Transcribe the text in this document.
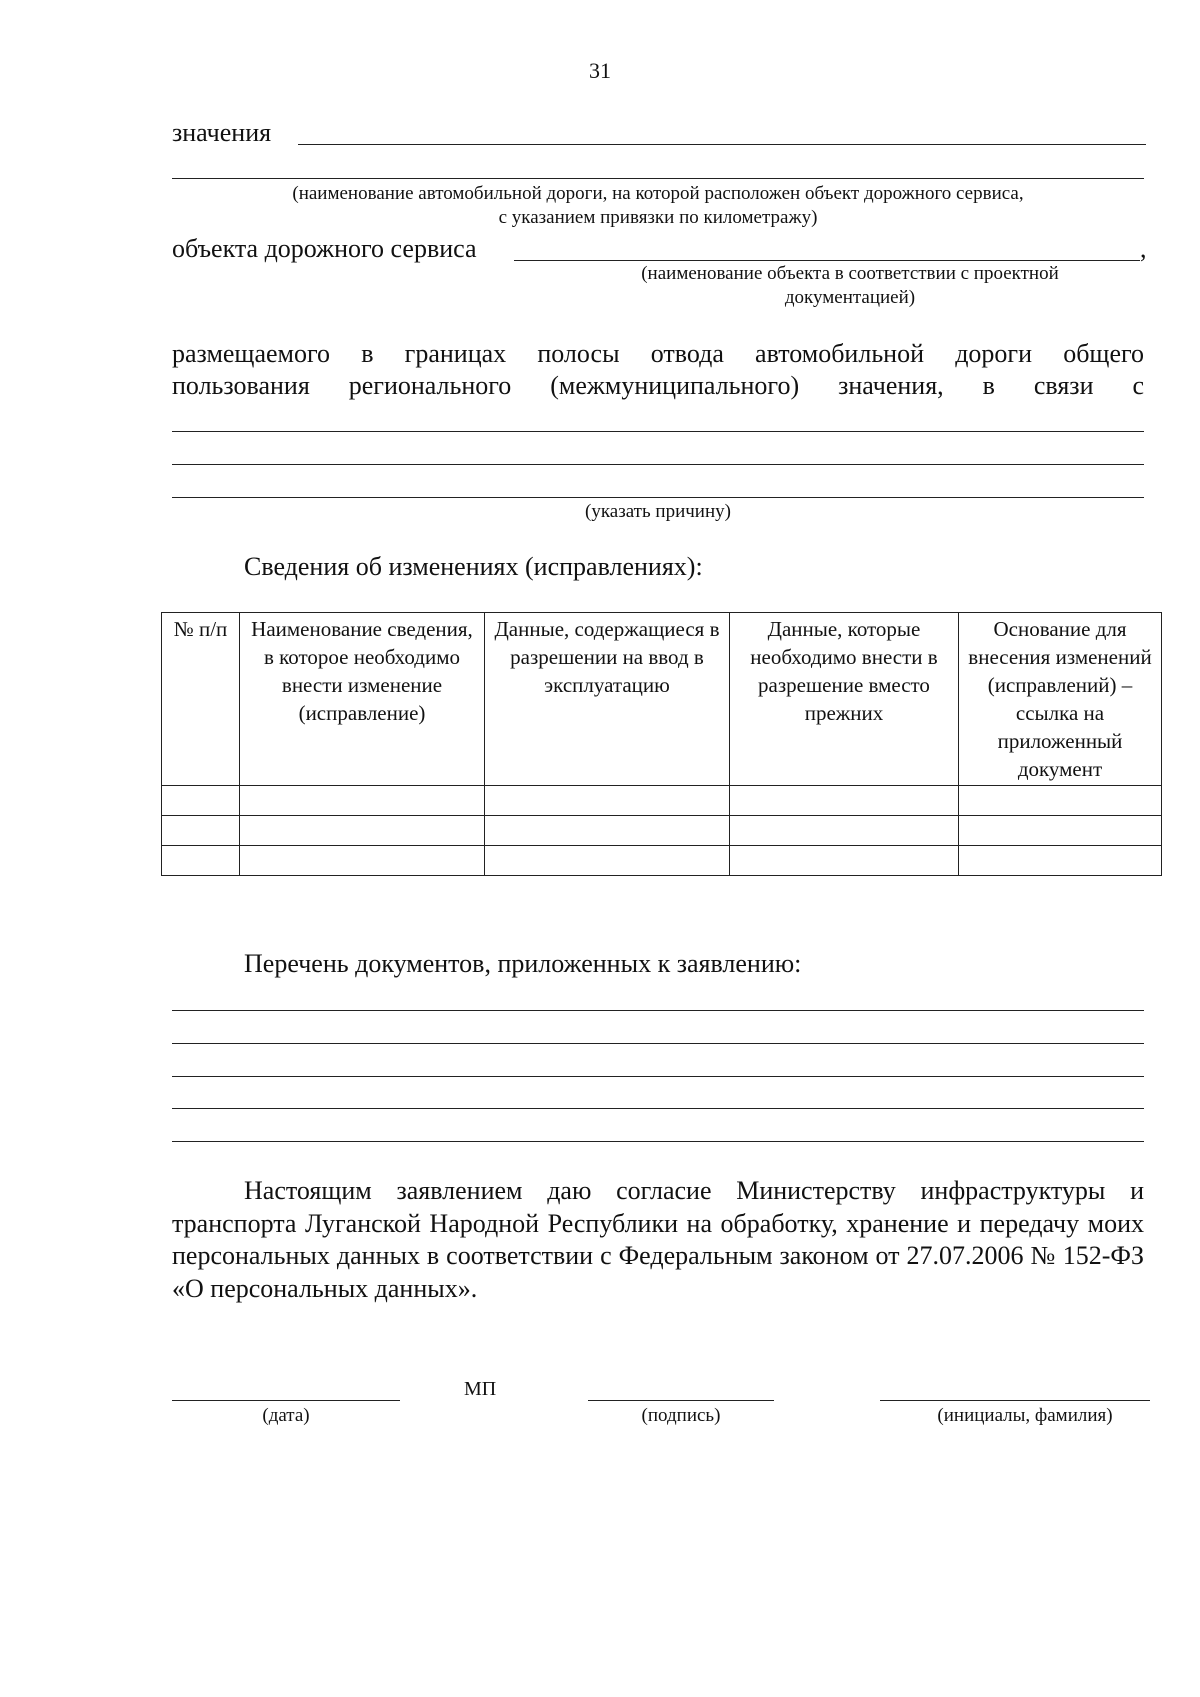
31
значения
(наименование автомобильной дороги, на которой расположен объект дорожного сервиса,
с указанием привязки по километражу)
объекта дорожного сервиса	,
(наименование объекта в соответствии с проектной
документацией)
размещаемого в границах полосы отвода автомобильной дороги общего
пользования регионального (межмуниципального) значения, в связи с
(указать причину)
Сведения об изменениях (исправлениях):
№ п/п	Наименование сведения, в которое необходимо внести изменение (исправление)	Данные, содержащиеся в разрешении на ввод в эксплуатацию	Данные, которые необходимо внести в разрешение вместо прежних	Основание для внесения изменений (исправлений) – ссылка на приложенный документ

Перечень документов, приложенных к заявлению:
Настоящим заявлением даю согласие Министерству инфраструктуры и транспорта Луганской Народной Республики на обработку, хранение и передачу моих персональных данных в соответствии с Федеральным законом от 27.07.2006 № 152-ФЗ «О персональных данных».
МП
(дата)	(подпись)	(инициалы, фамилия)
